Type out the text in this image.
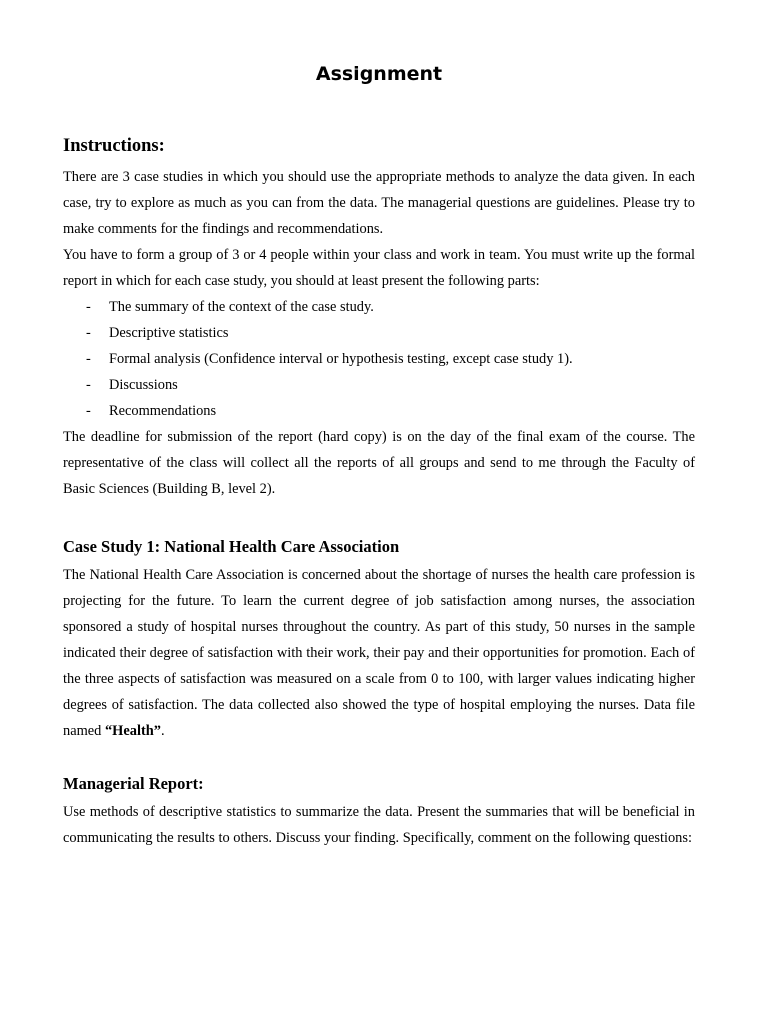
Assignment
Instructions:

There are 3 case studies in which you should use the appropriate methods to analyze the data given. In each case, try to explore as much as you can from the data. The managerial questions are guidelines. Please try to make comments for the findings and recommendations.

You have to form a group of 3 or 4 people within your class and work in team. You must write up the formal report in which for each case study, you should at least present the following parts:

- The summary of the context of the case study.
- Descriptive statistics
- Formal analysis (Confidence interval or hypothesis testing, except case study 1).
- Discussions
- Recommendations

The deadline for submission of the report (hard copy) is on the day of the final exam of the course. The representative of the class will collect all the reports of all groups and send to me through the Faculty of Basic Sciences (Building B, level 2).

Case Study 1: National Health Care Association

The National Health Care Association is concerned about the shortage of nurses the health care profession is projecting for the future. To learn the current degree of job satisfaction among nurses, the association sponsored a study of hospital nurses throughout the country. As part of this study, 50 nurses in the sample indicated their degree of satisfaction with their work, their pay and their opportunities for promotion. Each of the three aspects of satisfaction was measured on a scale from 0 to 100, with larger values indicating higher degrees of satisfaction. The data collected also showed the type of hospital employing the nurses. Data file named “Health”.

Managerial Report:

Use methods of descriptive statistics to summarize the data. Present the summaries that will be beneficial in communicating the results to others. Discuss your finding. Specifically, comment on the following questions:
